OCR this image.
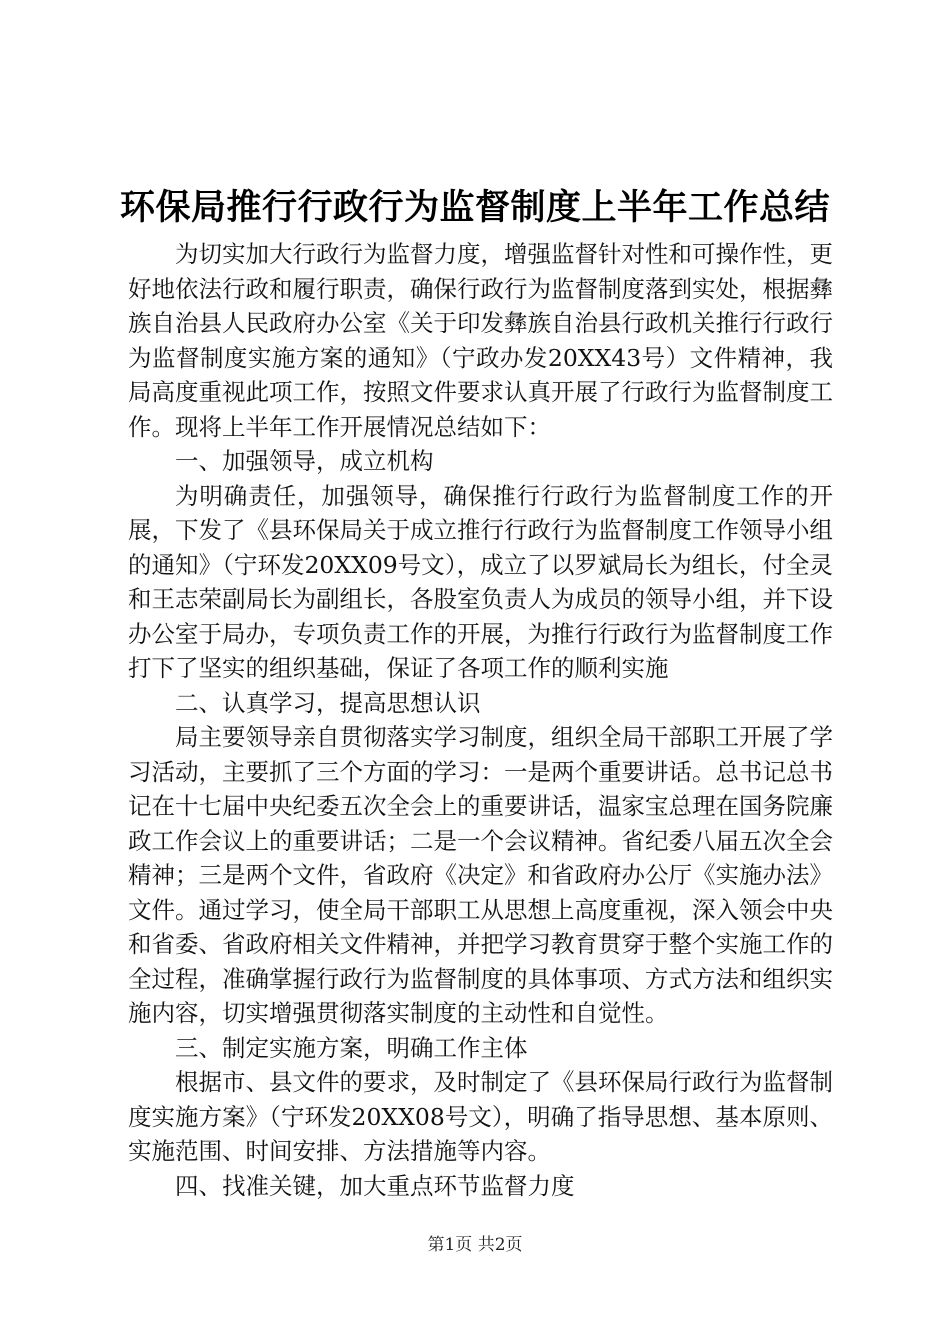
环保局推行行政行为监督制度上半年工作总结

为切实加大行政行为监督力度，增强监督针对性和可操作性，更好地依法行政和履行职责，确保行政行为监督制度落到实处，根据彝族自治县人民政府办公室《关于印发彝族自治县行政机关推行行政行为监督制度实施方案的通知》（宁政办发20XX43号）文件精神，我局高度重视此项工作，按照文件要求认真开展了行政行为监督制度工作。现将上半年工作开展情况总结如下：

一、加强领导，成立机构

为明确责任，加强领导，确保推行行政行为监督制度工作的开展，下发了《县环保局关于成立推行行政行为监督制度工作领导小组的通知》（宁环发20XX09号文），成立了以罗斌局长为组长，付全灵和王志荣副局长为副组长，各股室负责人为成员的领导小组，并下设办公室于局办，专项负责工作的开展，为推行行政行为监督制度工作打下了坚实的组织基础，保证了各项工作的顺利实施

二、认真学习，提高思想认识

局主要领导亲自贯彻落实学习制度，组织全局干部职工开展了学习活动，主要抓了三个方面的学习：一是两个重要讲话。总书记总书记在十七届中央纪委五次全会上的重要讲话，温家宝总理在国务院廉政工作会议上的重要讲话；二是一个会议精神。省纪委八届五次全会精神；三是两个文件，省政府《决定》和省政府办公厅《实施办法》文件。通过学习，使全局干部职工从思想上高度重视，深入领会中央和省委、省政府相关文件精神，并把学习教育贯穿于整个实施工作的全过程，准确掌握行政行为监督制度的具体事项、方式方法和组织实施内容，切实增强贯彻落实制度的主动性和自觉性。

三、制定实施方案，明确工作主体

根据市、县文件的要求，及时制定了《县环保局行政行为监督制度实施方案》（宁环发20XX08号文），明确了指导思想、基本原则、实施范围、时间安排、方法措施等内容。

四、找准关键，加大重点环节监督力度

第1页 共2页
